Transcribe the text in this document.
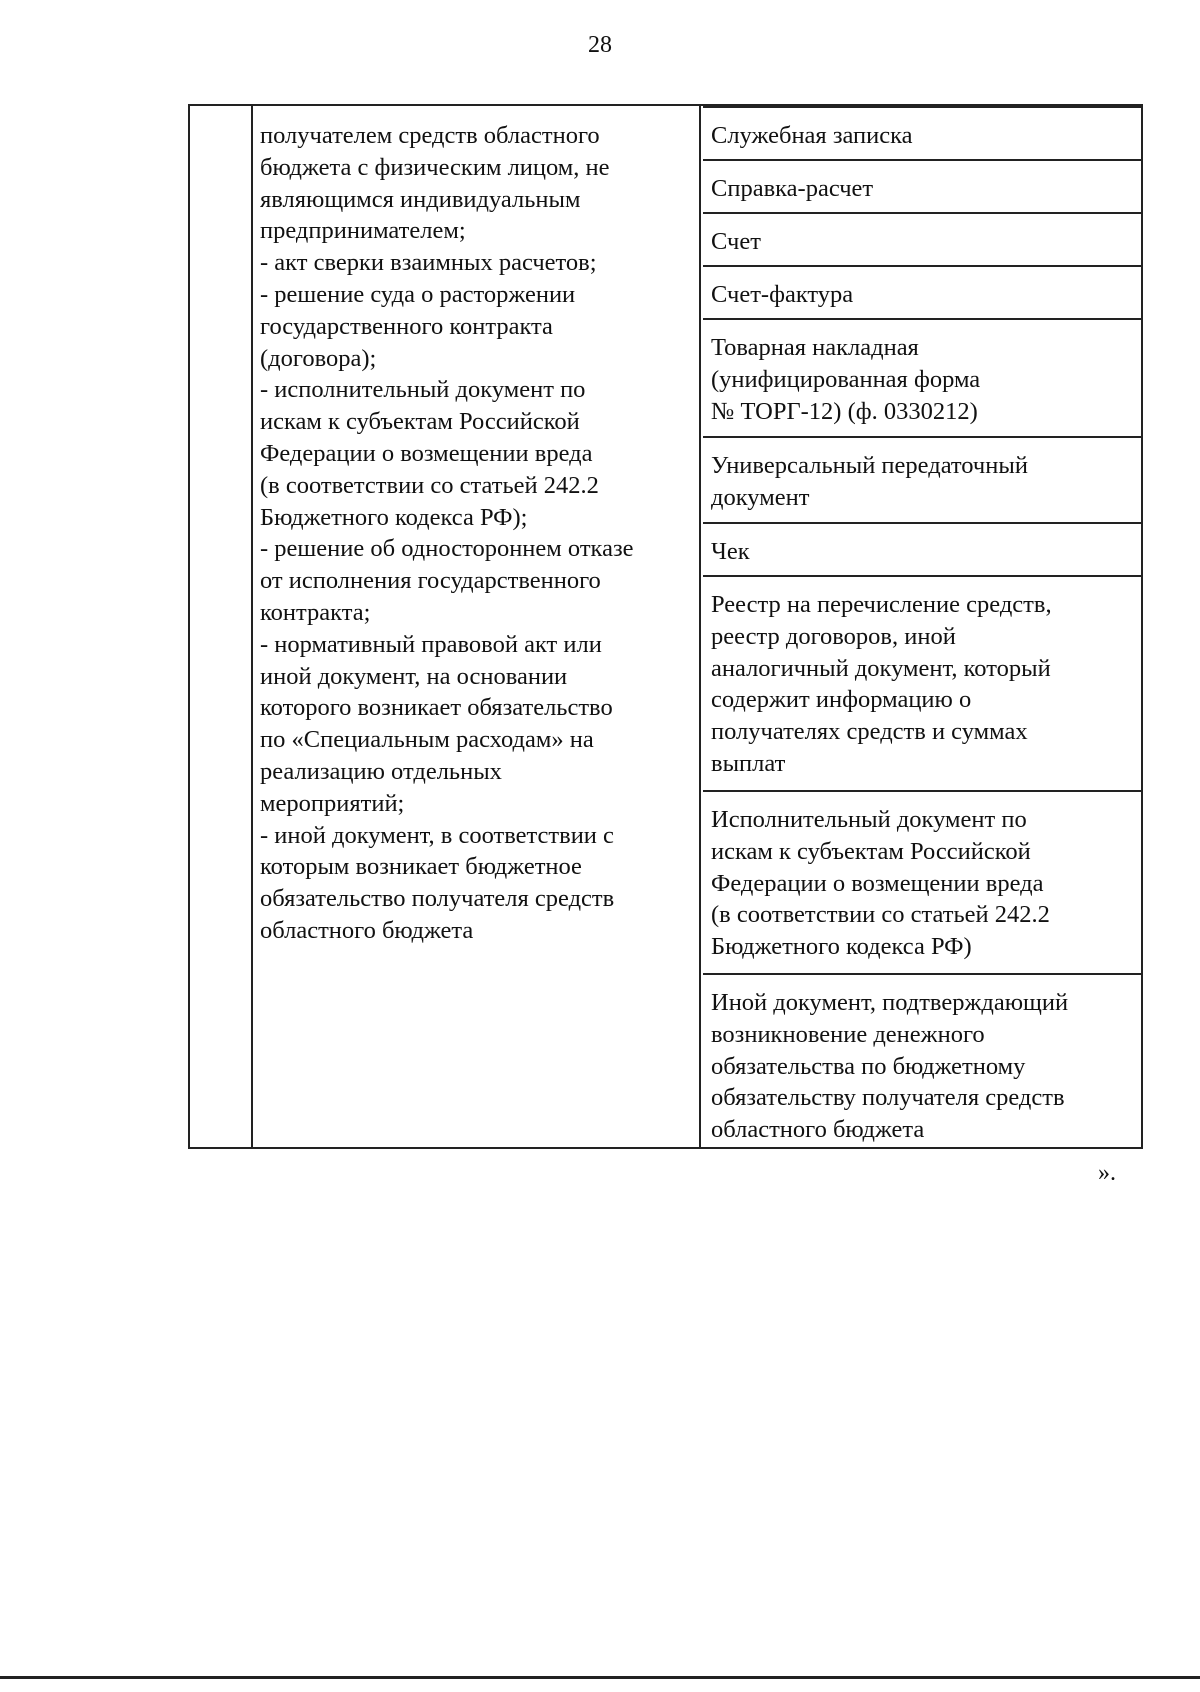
28
получателем средств областного
бюджета с физическим лицом, не
являющимся индивидуальным
предпринимателем;
- акт сверки взаимных расчетов;
- решение суда о расторжении
государственного контракта
(договора);
- исполнительный документ по
искам к субъектам Российской
Федерации о возмещении вреда
(в соответствии со статьей 242.2
Бюджетного кодекса РФ);
- решение об одностороннем отказе
от исполнения государственного
контракта;
- нормативный правовой акт или
иной документ, на основании
которого возникает обязательство
по «Специальным расходам» на
реализацию отдельных
мероприятий;
- иной документ, в соответствии с
которым возникает бюджетное
обязательство получателя средств
областного бюджета
Служебная записка
Справка-расчет
Счет
Счет-фактура
Товарная накладная
(унифицированная форма
№ ТОРГ-12) (ф. 0330212)
Универсальный передаточный
документ
Чек
Реестр на перечисление средств,
реестр договоров, иной
аналогичный документ, который
содержит информацию о
получателях средств и суммах
выплат
Исполнительный документ по
искам к субъектам Российской
Федерации о возмещении вреда
(в соответствии со статьей 242.2
Бюджетного кодекса РФ)
Иной документ, подтверждающий
возникновение денежного
обязательства по бюджетному
обязательству получателя средств
областного бюджета
».
